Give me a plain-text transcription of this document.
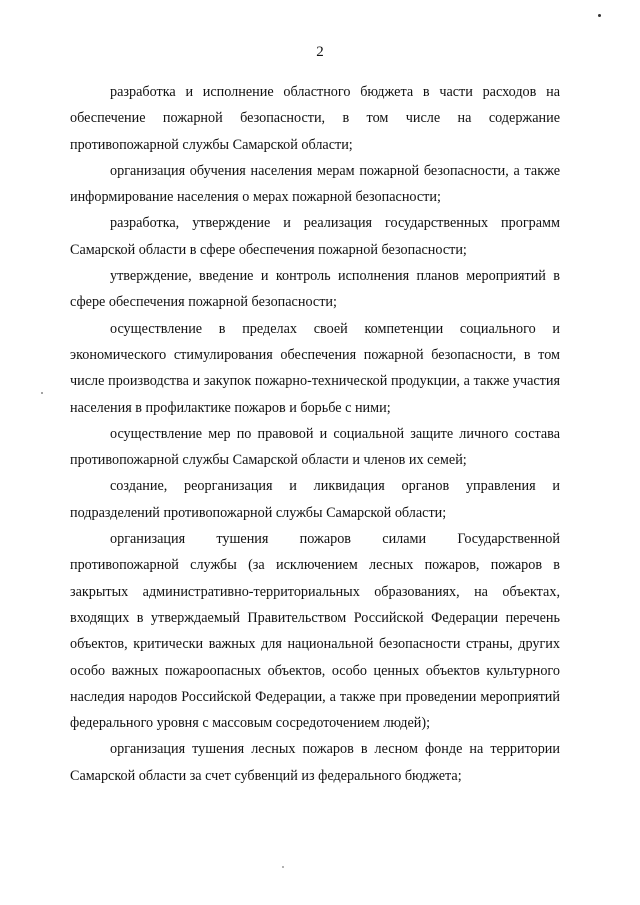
2

разработка и исполнение областного бюджета в части расходов на обеспечение пожарной безопасности, в том числе на содержание противопожарной службы Самарской области;

организация обучения населения мерам пожарной безопасности, а также информирование населения о мерах пожарной безопасности;

разработка, утверждение и реализация государственных программ Самарской области в сфере обеспечения пожарной безопасности;

утверждение, введение и контроль исполнения планов мероприятий в сфере обеспечения пожарной безопасности;

осуществление в пределах своей компетенции социального и экономического стимулирования обеспечения пожарной безопасности, в том числе производства и закупок пожарно-технической продукции, а также участия населения в профилактике пожаров и борьбе с ними;

осуществление мер по правовой и социальной защите личного состава противопожарной службы Самарской области и членов их семей;

создание, реорганизация и ликвидация органов управления и подразделений противопожарной службы Самарской области;

организация тушения пожаров силами Государственной противопожарной службы (за исключением лесных пожаров, пожаров в закрытых административно-территориальных образованиях, на объектах, входящих в утверждаемый Правительством Российской Федерации перечень объектов, критически важных для национальной безопасности страны, других особо важных пожароопасных объектов, особо ценных объектов культурного наследия народов Российской Федерации, а также при проведении мероприятий федерального уровня с массовым сосредоточением людей);

организация тушения лесных пожаров в лесном фонде на территории Самарской области за счет субвенций из федерального бюджета;
